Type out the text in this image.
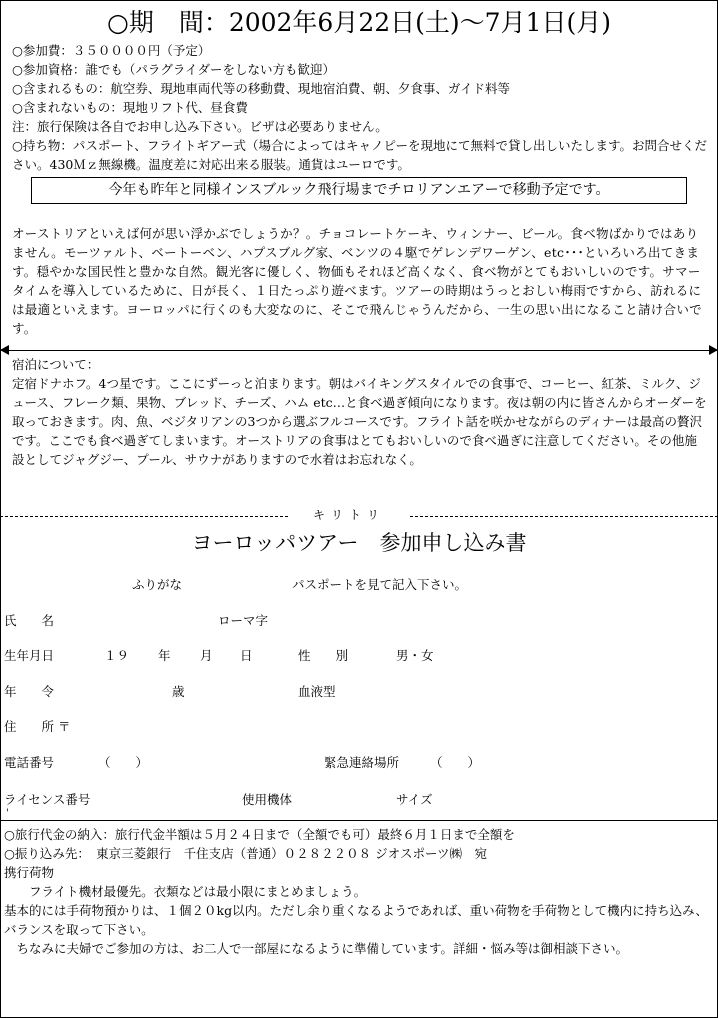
○期　間：2002年6月22日(土)～7月1日(月)

○参加費：３５００００円（予定）

○参加資格：誰でも（パラグライダーをしない方も歓迎）

○含まれるもの：航空券、現地車両代等の移動費、現地宿泊費、朝、夕食事、ガイド料等

○含まれないもの：現地リフト代、昼食費

注：旅行保険は各自でお申し込み下さい。ビザは必要ありません。

○持ち物：パスポート、フライトギアー式（場合によってはキャノピーを現地にて無料で貸し出しいたします。お問合せください。430Ｍｚ無線機。温度差に対応出来る服装。通貨はユーロです。

今年も昨年と同様インスブルック飛行場までチロリアンエアーで移動予定です。

オーストリアといえば何が思い浮かぶでしょうか？。チョコレートケーキ、ウィンナー、ビール。食べ物ばかりではありません。モーツァルト、ベートーベン、ハプスブルグ家、ベンツの４駆でゲレンデワーゲン、etc･･･といろいろ出てきます。穏やかな国民性と豊かな自然。観光客に優しく、物価もそれほど高くなく、食べ物がとてもおいしいのです。サマータイムを導入しているために、日が長く、１日たっぷり遊べます。ツアーの時期はうっとおしい梅雨ですから、訪れるには最適といえます。ヨーロッパに行くのも大変なのに、そこで飛んじゃうんだから、一生の思い出になること請け合いです。

宿泊について：

定宿ドナホフ。4つ星です。ここにずーっと泊まります。朝はバイキングスタイルでの食事で、コーヒー、紅茶、ミルク、ジュース、フレーク類、果物、ブレッド、チーズ、ハム etc…と食べ過ぎ傾向になります。夜は朝の内に皆さんからオーダーを取っておきます。肉、魚、ベジタリアンの3つから選ぶフルコースです。フライト話を咲かせながらのディナーは最高の贅沢です。ここでも食べ過ぎてしまいます。オーストリアの食事はとてもおいしいので食べ過ぎに注意してください。その他施設としてジャグジー、プール、サウナがありますので水着はお忘れなく。

キリトリ
ヨーロッパツアー　参加申し込み書
ふりがな	パスポートを見て記入下さい。
氏　　名	ローマ字
生年月日	１９ 年 月 日	性　　別	男・女
年　　令	歳	血液型
住　　所 〒
電話番号	（　　）	緊急連絡場所 （　　）
ライセンス番号	使用機体	サイズ
'

○旅行代金の納入：旅行代金半額は５月２４日まで（全額でも可）最終６月１日まで全額を

○振り込み先：　東京三菱銀行　千住支店（普通）０２８２２０８ ジオスポーツ㈱　宛

携行荷物

　　フライト機材最優先。衣類などは最小限にまとめましょう。

基本的には手荷物預かりは、１個２０kg以内。ただし余り重くなるようであれば、重い荷物を手荷物として機内に持ち込み、バランスを取って下さい。

　ちなみに夫婦でご参加の方は、お二人で一部屋になるように準備しています。詳細・悩み等は御相談下さい。
